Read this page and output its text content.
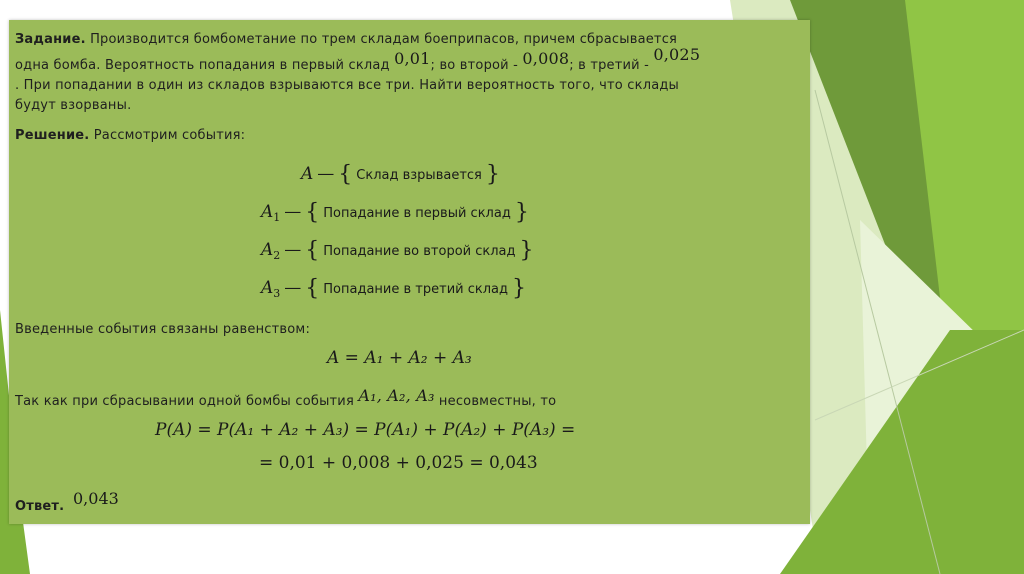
Задание. Производится бомбометание по трем складам боеприпасов, причем сбрасывается
одна бомба. Вероятность попадания в первый склад 0,01; во второй - 0,008; в третий - 0,025
. При попадании в один из складов взрываются все три. Найти вероятность того, что склады
будут взорваны.
Решение. Рассмотрим события:
A — { Склад взрывается }
$A_1$ — { Попадание в первый склад }
$A_2$ — { Попадание во второй склад }
$A_3$ — { Попадание в третий склад }
Введенные события связаны равенством:
A = A₁ + A₂ + A₃
Так как при сбрасывании одной бомбы события A₁, A₂, A₃ несовместны, то
P(A) = P(A₁ + A₂ + A₃) = P(A₁) + P(A₂) + P(A₃) =
= 0,01 + 0,008 + 0,025 = 0,043
Ответ. 0,043
